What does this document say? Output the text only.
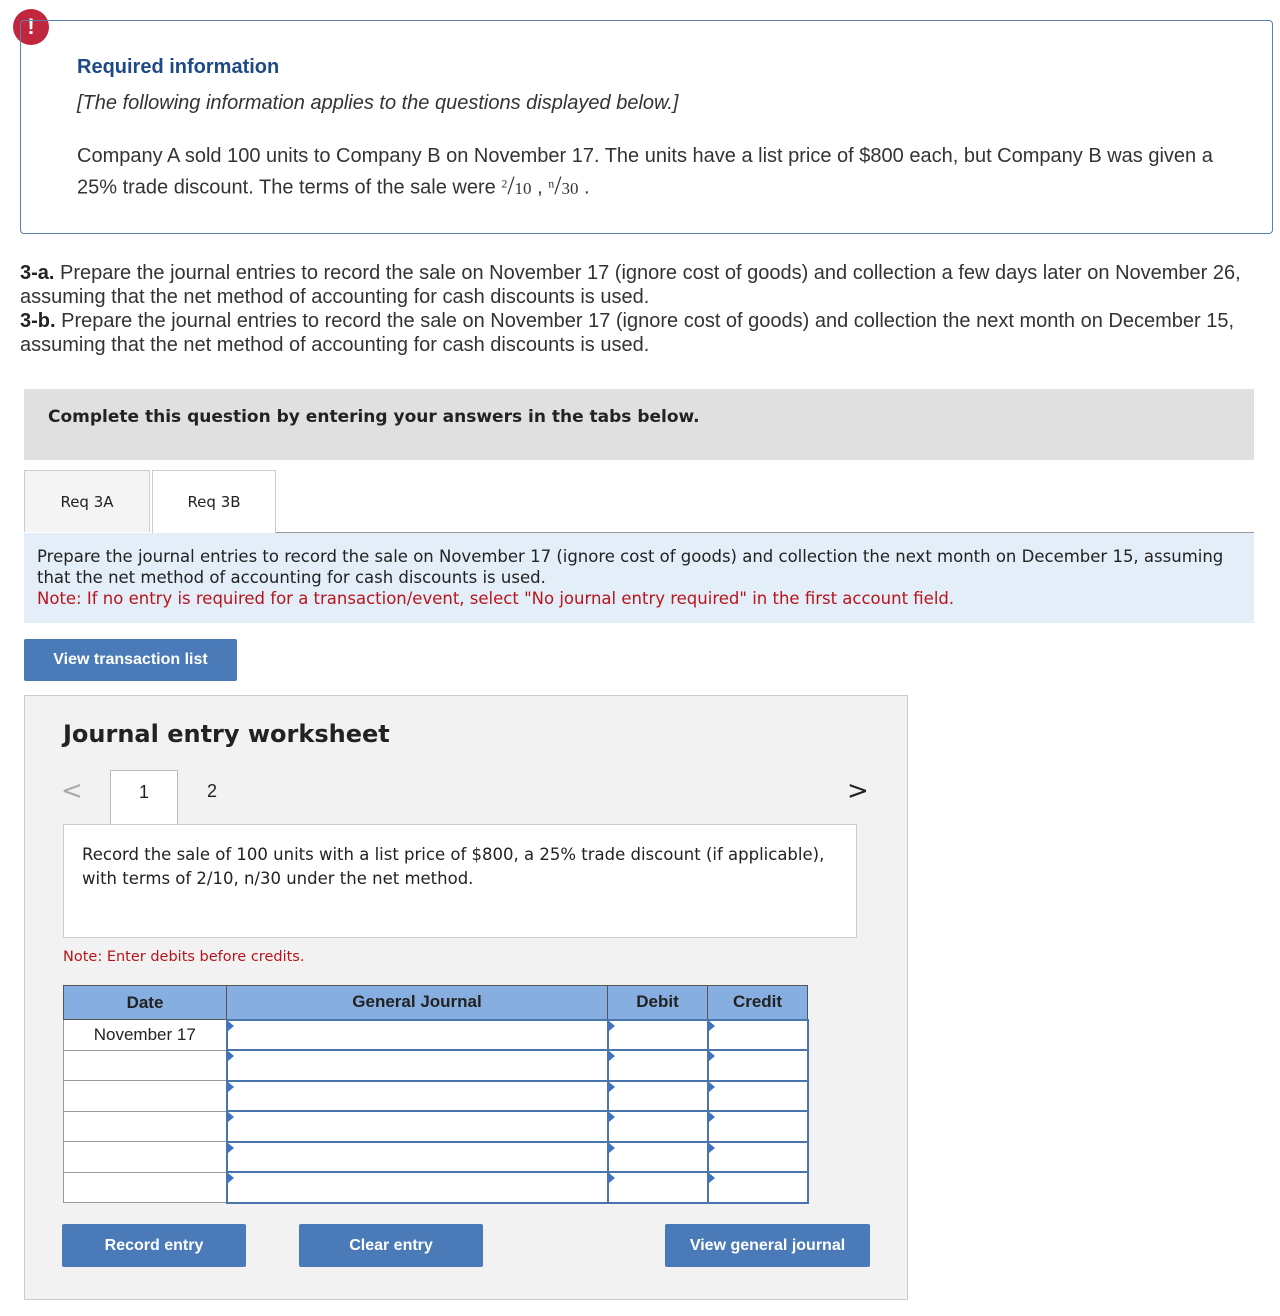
!
Required information
[The following information applies to the questions displayed below.]
Company A sold 100 units to Company B on November 17. The units have a list price of $800 each, but Company B was given a 25% trade discount. The terms of the sale were $^2$/10 , $^n$/30 .
3-a. Prepare the journal entries to record the sale on November 17 (ignore cost of goods) and collection a few days later on November 26, assuming that the net method of accounting for cash discounts is used.
3-b. Prepare the journal entries to record the sale on November 17 (ignore cost of goods) and collection the next month on December 15, assuming that the net method of accounting for cash discounts is used.
Complete this question by entering your answers in the tabs below.
Req 3A	Req 3B
Prepare the journal entries to record the sale on November 17 (ignore cost of goods) and collection the next month on December 15, assuming that the net method of accounting for cash discounts is used.
Note: If no entry is required for a transaction/event, select "No journal entry required" in the first account field.
View transaction list
Journal entry worksheet
<	1	2	>
Record the sale of 100 units with a list price of $800, a 25% trade discount (if applicable), with terms of 2/10, n/30 under the net method.
Note: Enter debits before credits.
Date	General Journal	Debit	Credit
November 17			

Record entry	Clear entry	View general journal
